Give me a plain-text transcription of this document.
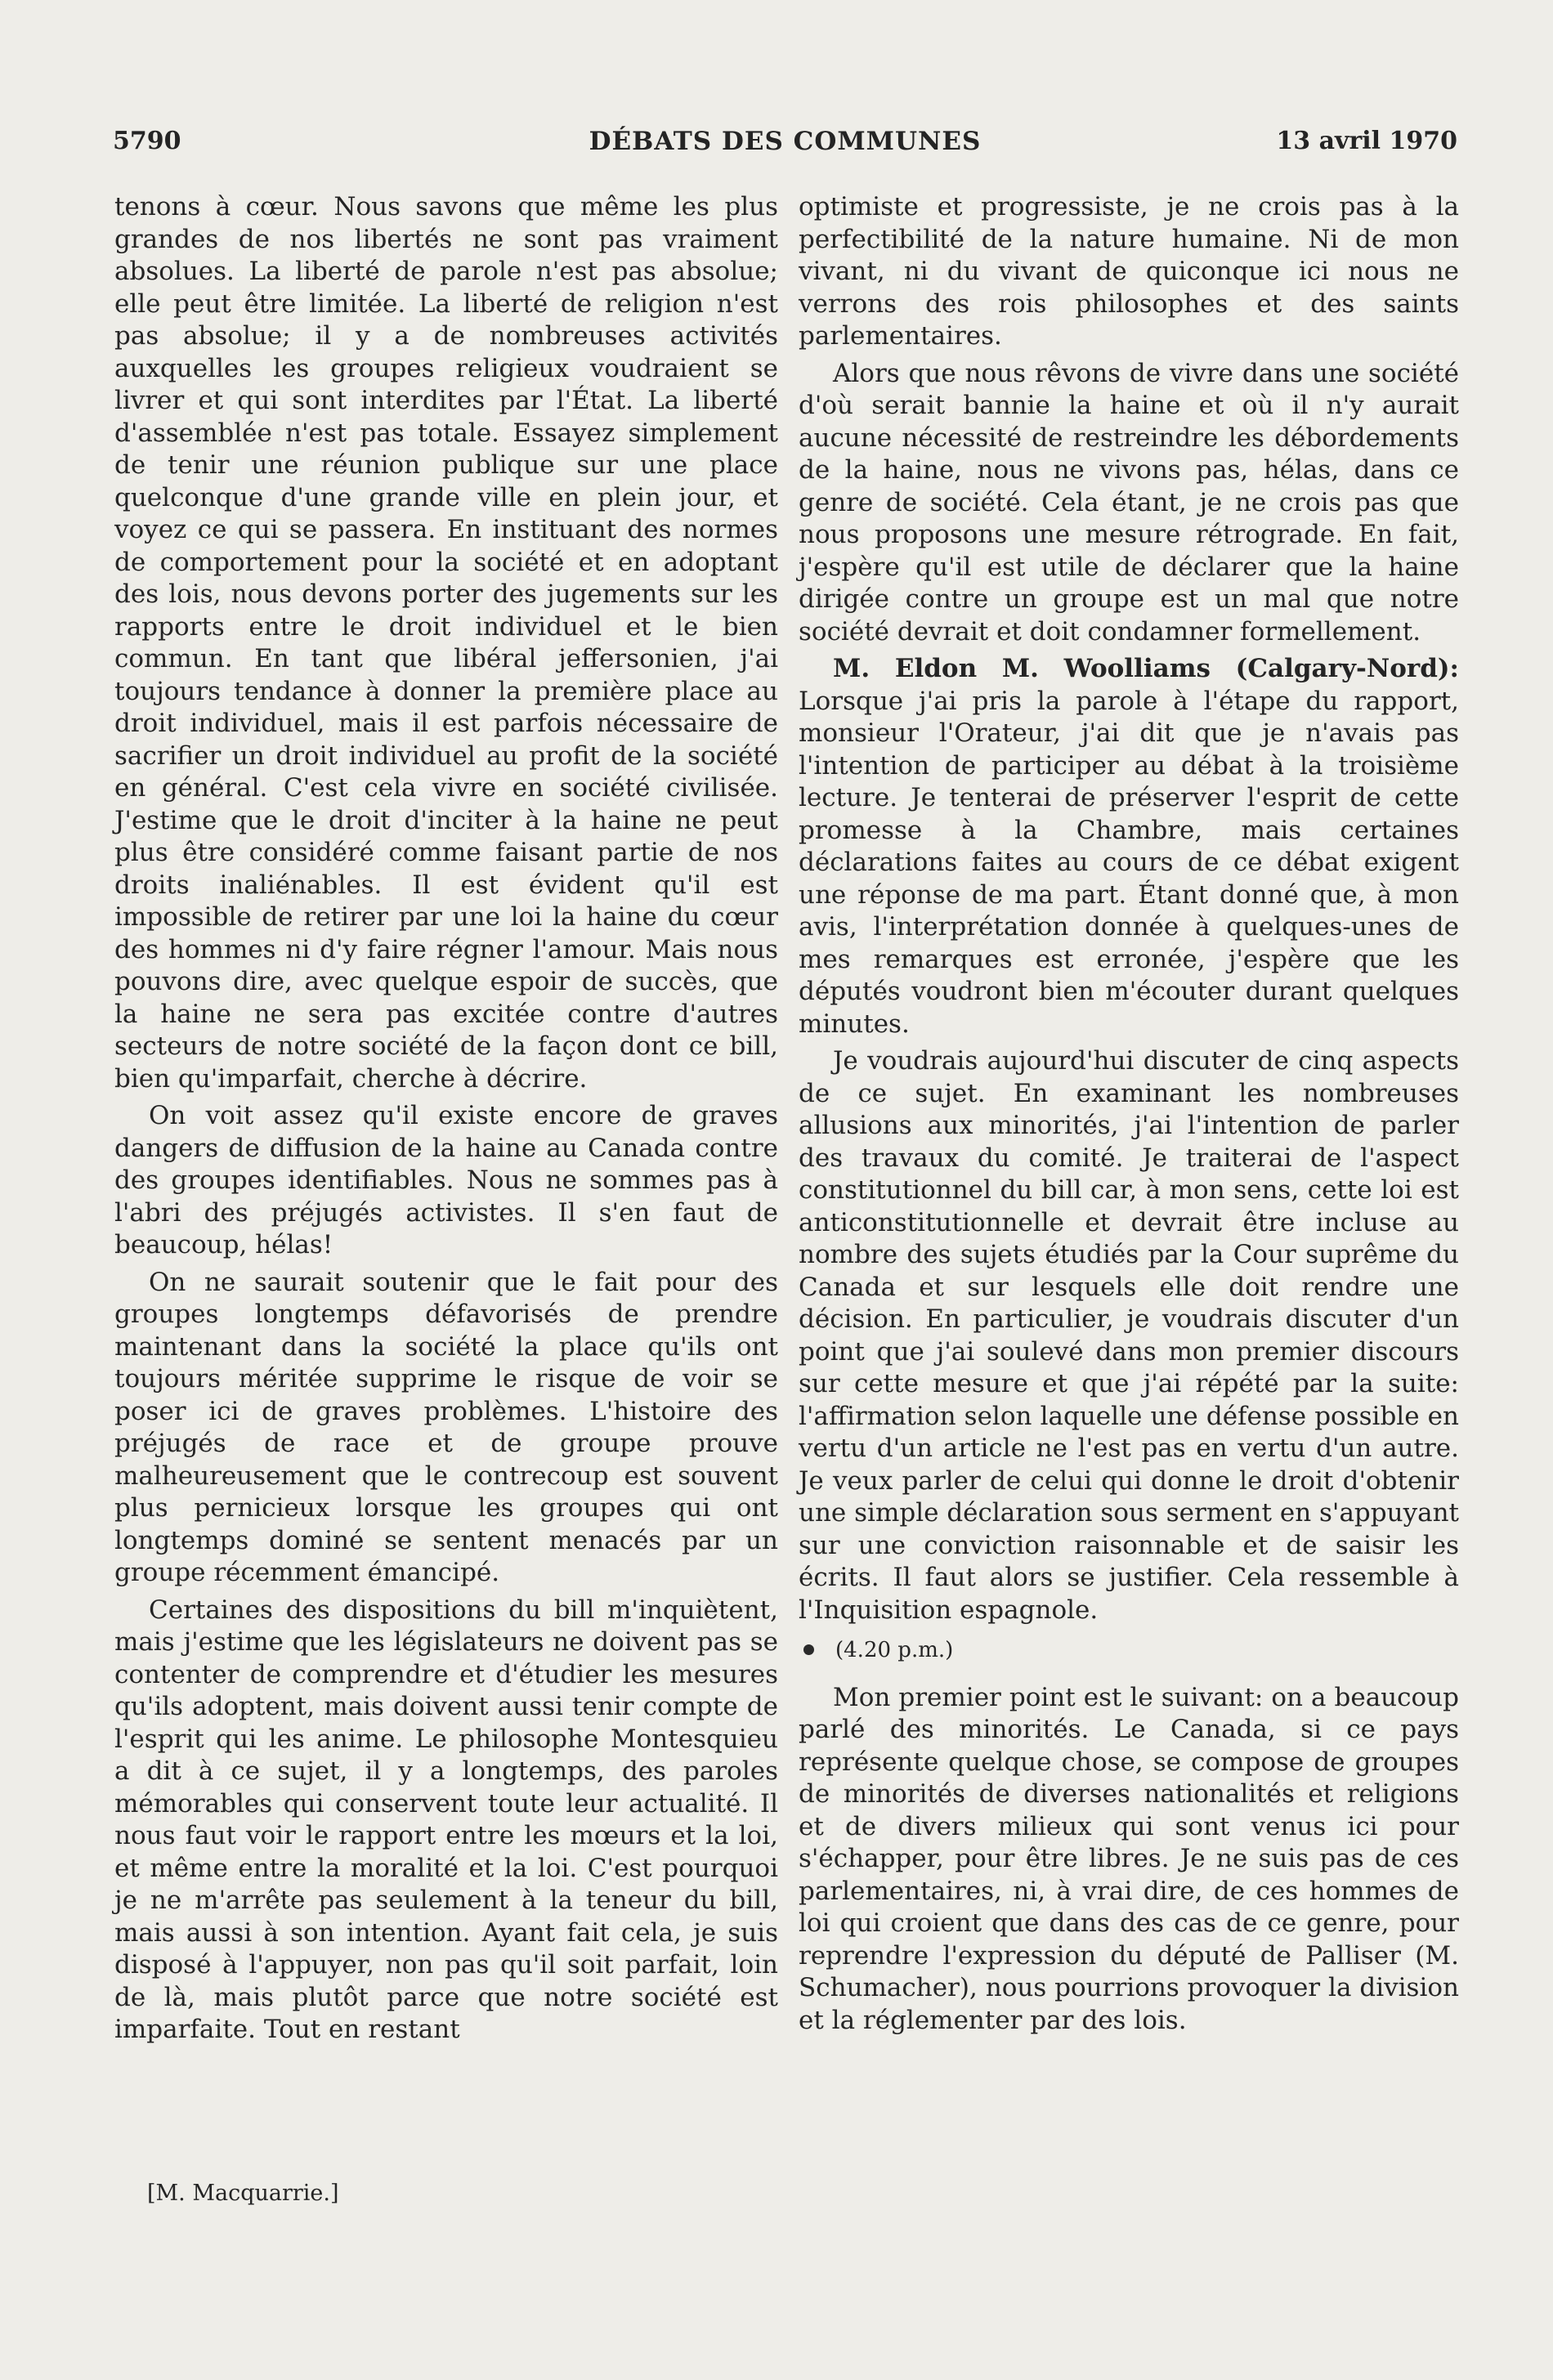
5790	DÉBATS DES COMMUNES	13 avril 1970

tenons à cœur. Nous savons que même les plus grandes de nos libertés ne sont pas vraiment absolues. La liberté de parole n'est pas absolue; elle peut être limitée. La liberté de religion n'est pas absolue; il y a de nombreuses activités auxquelles les groupes religieux voudraient se livrer et qui sont interdites par l'État. La liberté d'assemblée n'est pas totale. Essayez simplement de tenir une réunion publique sur une place quelconque d'une grande ville en plein jour, et voyez ce qui se passera. En instituant des normes de comportement pour la société et en adoptant des lois, nous devons porter des jugements sur les rapports entre le droit individuel et le bien commun. En tant que libéral jeffersonien, j'ai toujours tendance à donner la première place au droit individuel, mais il est parfois nécessaire de sacrifier un droit individuel au profit de la société en général. C'est cela vivre en société civilisée. J'estime que le droit d'inciter à la haine ne peut plus être considéré comme faisant partie de nos droits inaliénables. Il est évident qu'il est impossible de retirer par une loi la haine du cœur des hommes ni d'y faire régner l'amour. Mais nous pouvons dire, avec quelque espoir de succès, que la haine ne sera pas excitée contre d'autres secteurs de notre société de la façon dont ce bill, bien qu'imparfait, cherche à décrire.

On voit assez qu'il existe encore de graves dangers de diffusion de la haine au Canada contre des groupes identifiables. Nous ne sommes pas à l'abri des préjugés activistes. Il s'en faut de beaucoup, hélas!

On ne saurait soutenir que le fait pour des groupes longtemps défavorisés de prendre maintenant dans la société la place qu'ils ont toujours méritée supprime le risque de voir se poser ici de graves problèmes. L'histoire des préjugés de race et de groupe prouve malheureusement que le contrecoup est souvent plus pernicieux lorsque les groupes qui ont longtemps dominé se sentent menacés par un groupe récemment émancipé.

Certaines des dispositions du bill m'inquiètent, mais j'estime que les législateurs ne doivent pas se contenter de comprendre et d'étudier les mesures qu'ils adoptent, mais doivent aussi tenir compte de l'esprit qui les anime. Le philosophe Montesquieu a dit à ce sujet, il y a longtemps, des paroles mémorables qui conservent toute leur actualité. Il nous faut voir le rapport entre les mœurs et la loi, et même entre la moralité et la loi. C'est pourquoi je ne m'arrête pas seulement à la teneur du bill, mais aussi à son intention. Ayant fait cela, je suis disposé à l'appuyer, non pas qu'il soit parfait, loin de là, mais plutôt parce que notre société est imparfaite. Tout en restant

optimiste et progressiste, je ne crois pas à la perfectibilité de la nature humaine. Ni de mon vivant, ni du vivant de quiconque ici nous ne verrons des rois philosophes et des saints parlementaires.

Alors que nous rêvons de vivre dans une société d'où serait bannie la haine et où il n'y aurait aucune nécessité de restreindre les débordements de la haine, nous ne vivons pas, hélas, dans ce genre de société. Cela étant, je ne crois pas que nous proposons une mesure rétrograde. En fait, j'espère qu'il est utile de déclarer que la haine dirigée contre un groupe est un mal que notre société devrait et doit condamner formellement.

M. Eldon M. Woolliams (Calgary-Nord): Lorsque j'ai pris la parole à l'étape du rapport, monsieur l'Orateur, j'ai dit que je n'avais pas l'intention de participer au débat à la troisième lecture. Je tenterai de préserver l'esprit de cette promesse à la Chambre, mais certaines déclarations faites au cours de ce débat exigent une réponse de ma part. Étant donné que, à mon avis, l'interprétation donnée à quelques-unes de mes remarques est erronée, j'espère que les députés voudront bien m'écouter durant quelques minutes.

Je voudrais aujourd'hui discuter de cinq aspects de ce sujet. En examinant les nombreuses allusions aux minorités, j'ai l'intention de parler des travaux du comité. Je traiterai de l'aspect constitutionnel du bill car, à mon sens, cette loi est anticonstitutionnelle et devrait être incluse au nombre des sujets étudiés par la Cour suprême du Canada et sur lesquels elle doit rendre une décision. En particulier, je voudrais discuter d'un point que j'ai soulevé dans mon premier discours sur cette mesure et que j'ai répété par la suite: l'affirmation selon laquelle une défense possible en vertu d'un article ne l'est pas en vertu d'un autre. Je veux parler de celui qui donne le droit d'obtenir une simple déclaration sous serment en s'appuyant sur une conviction raisonnable et de saisir les écrits. Il faut alors se justifier. Cela ressemble à l'Inquisition espagnole.

(4.20 p.m.)

Mon premier point est le suivant: on a beaucoup parlé des minorités. Le Canada, si ce pays représente quelque chose, se compose de groupes de minorités de diverses nationalités et religions et de divers milieux qui sont venus ici pour s'échapper, pour être libres. Je ne suis pas de ces parlementaires, ni, à vrai dire, de ces hommes de loi qui croient que dans des cas de ce genre, pour reprendre l'expression du député de Palliser (M. Schumacher), nous pourrions provoquer la division et la réglementer par des lois.

[M. Macquarrie.]
